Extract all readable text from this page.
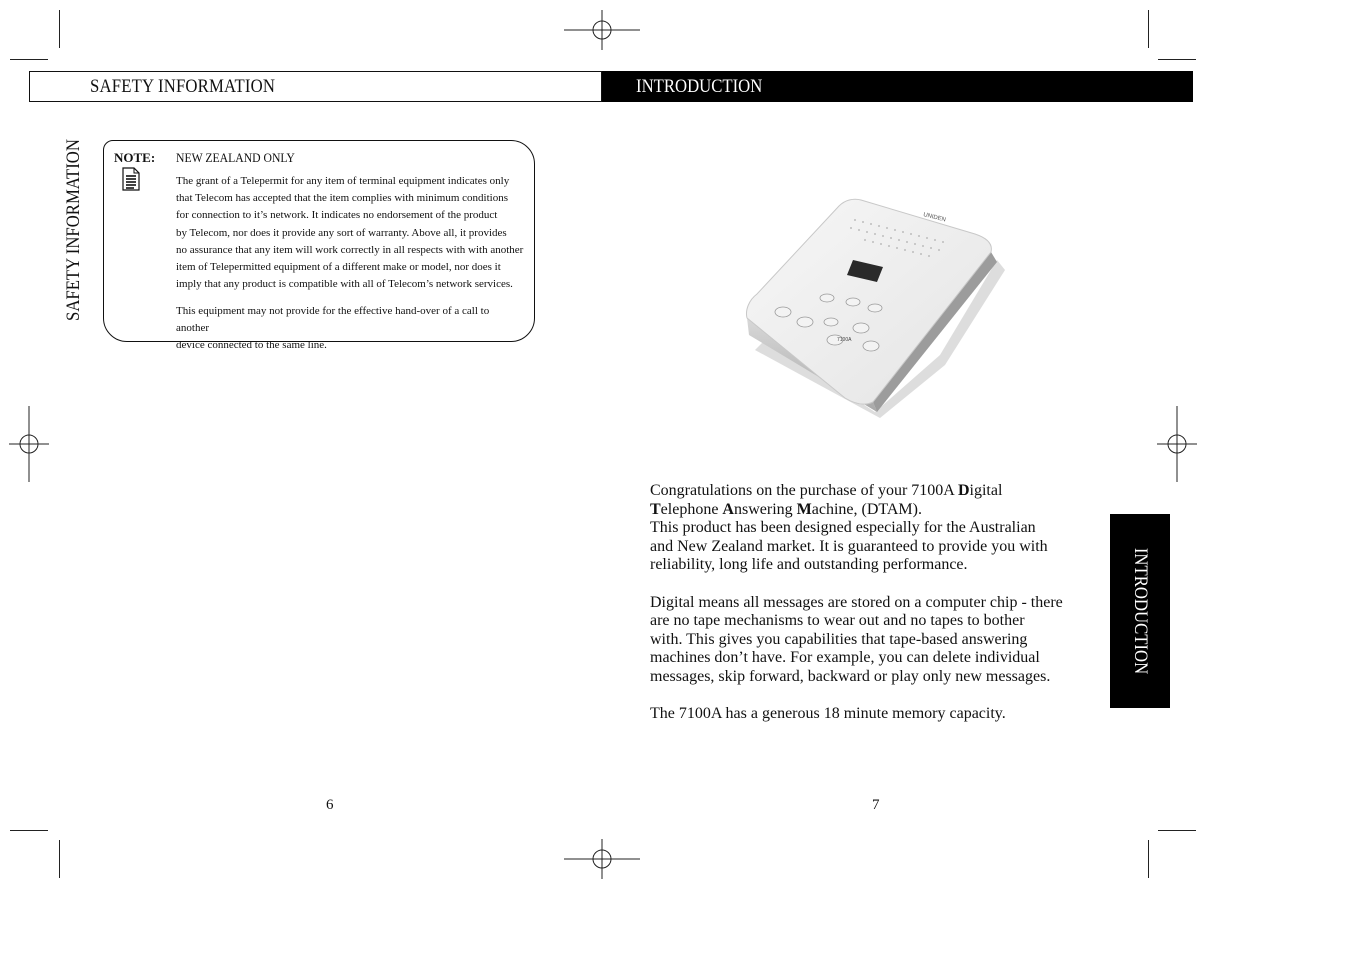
SAFETY INFORMATION	INTRODUCTION
SAFETY INFORMATION NOTE: NEW ZEALAND ONLY
The grant of a Telepermit for any item of terminal equipment indicates only
that Telecom has accepted that the item complies with minimum conditions
for connection to it’s network. It indicates no endorsement of the product
by Telecom, nor does it provide any sort of warranty. Above all, it provides
no assurance that any item will work correctly in all respects with with another
item of Telepermitted equipment of a different make or model, nor does it
imply that any product is compatible with all of Telecom’s network services.
This equipment may not provide for the effective hand-over of a call to another
device connected to the same line.
UNIDEN
7100A

Congratulations on the purchase of your 7100A Digital
Telephone Answering Machine, (DTAM).
This product has been designed especially for the Australian
and New Zealand market. It is guaranteed to provide you with
reliability, long life and outstanding performance.

Digital means all messages are stored on a computer chip - there
are no tape mechanisms to wear out and no tapes to bother
with. This gives you capabilities that tape-based answering
machines don’t have. For example, you can delete individual
messages, skip forward, backward or play only new messages.

The 7100A has a generous 18 minute memory capacity.

INTRODUCTION
6	7
